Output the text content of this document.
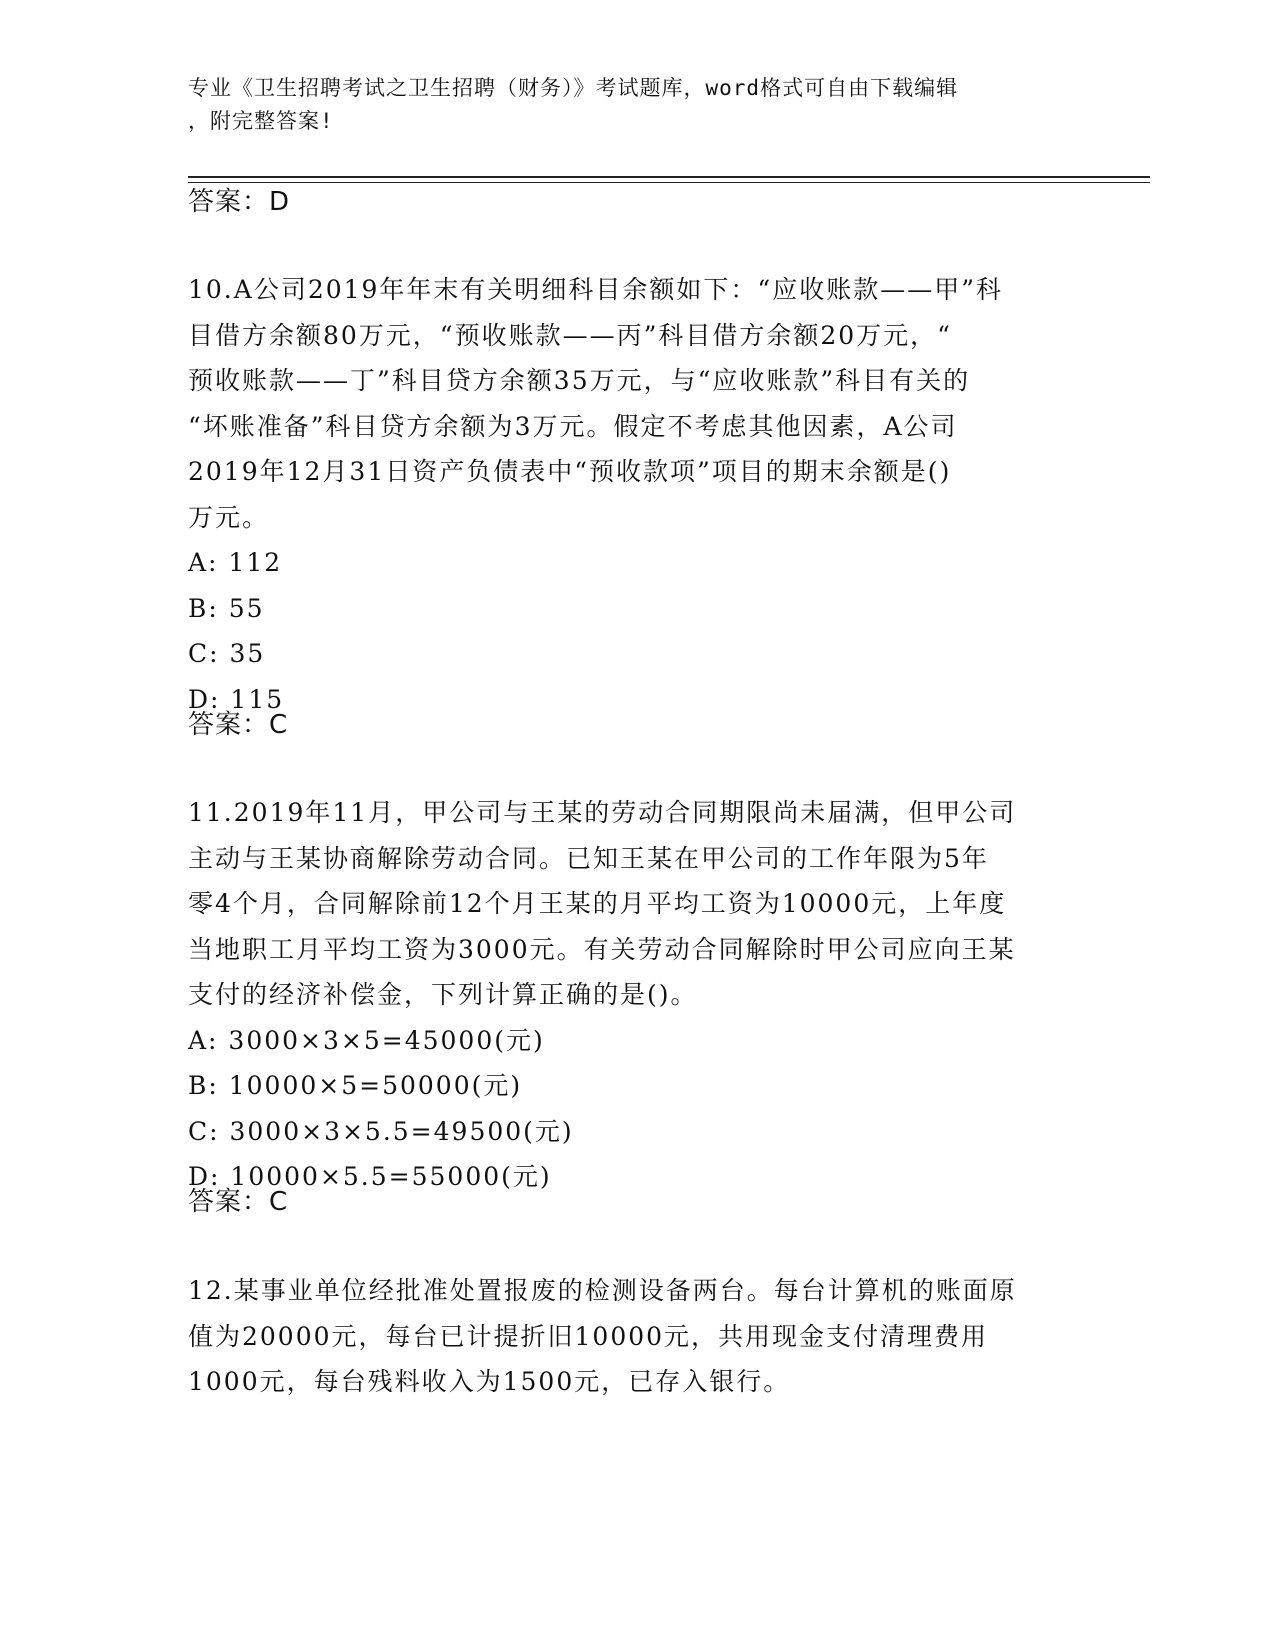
专业《卫生招聘考试之卫生招聘（财务）》考试题库，word格式可自由下载编辑
，附完整答案!
答案：D
10.A公司2019年年末有关明细科目余额如下：“应收账款——甲”科
目借方余额80万元，“预收账款——丙”科目借方余额20万元，“
预收账款——丁”科目贷方余额35万元，与“应收账款”科目有关的
“坏账准备”科目贷方余额为3万元。假定不考虑其他因素，A公司
2019年12月31日资产负债表中“预收款项”项目的期末余额是()
万元。
A: 112
B: 55
C: 35
D: 115
答案：C
11.2019年11月，甲公司与王某的劳动合同期限尚未届满，但甲公司
主动与王某协商解除劳动合同。已知王某在甲公司的工作年限为5年
零4个月，合同解除前12个月王某的月平均工资为10000元，上年度
当地职工月平均工资为3000元。有关劳动合同解除时甲公司应向王某
支付的经济补偿金，下列计算正确的是()。
A: 3000×3×5=45000(元)
B: 10000×5=50000(元)
C: 3000×3×5.5=49500(元)
D: 10000×5.5=55000(元)
答案：C
12.某事业单位经批准处置报废的检测设备两台。每台计算机的账面原
值为20000元，每台已计提折旧10000元，共用现金支付清理费用
1000元，每台残料收入为1500元，已存入银行。
